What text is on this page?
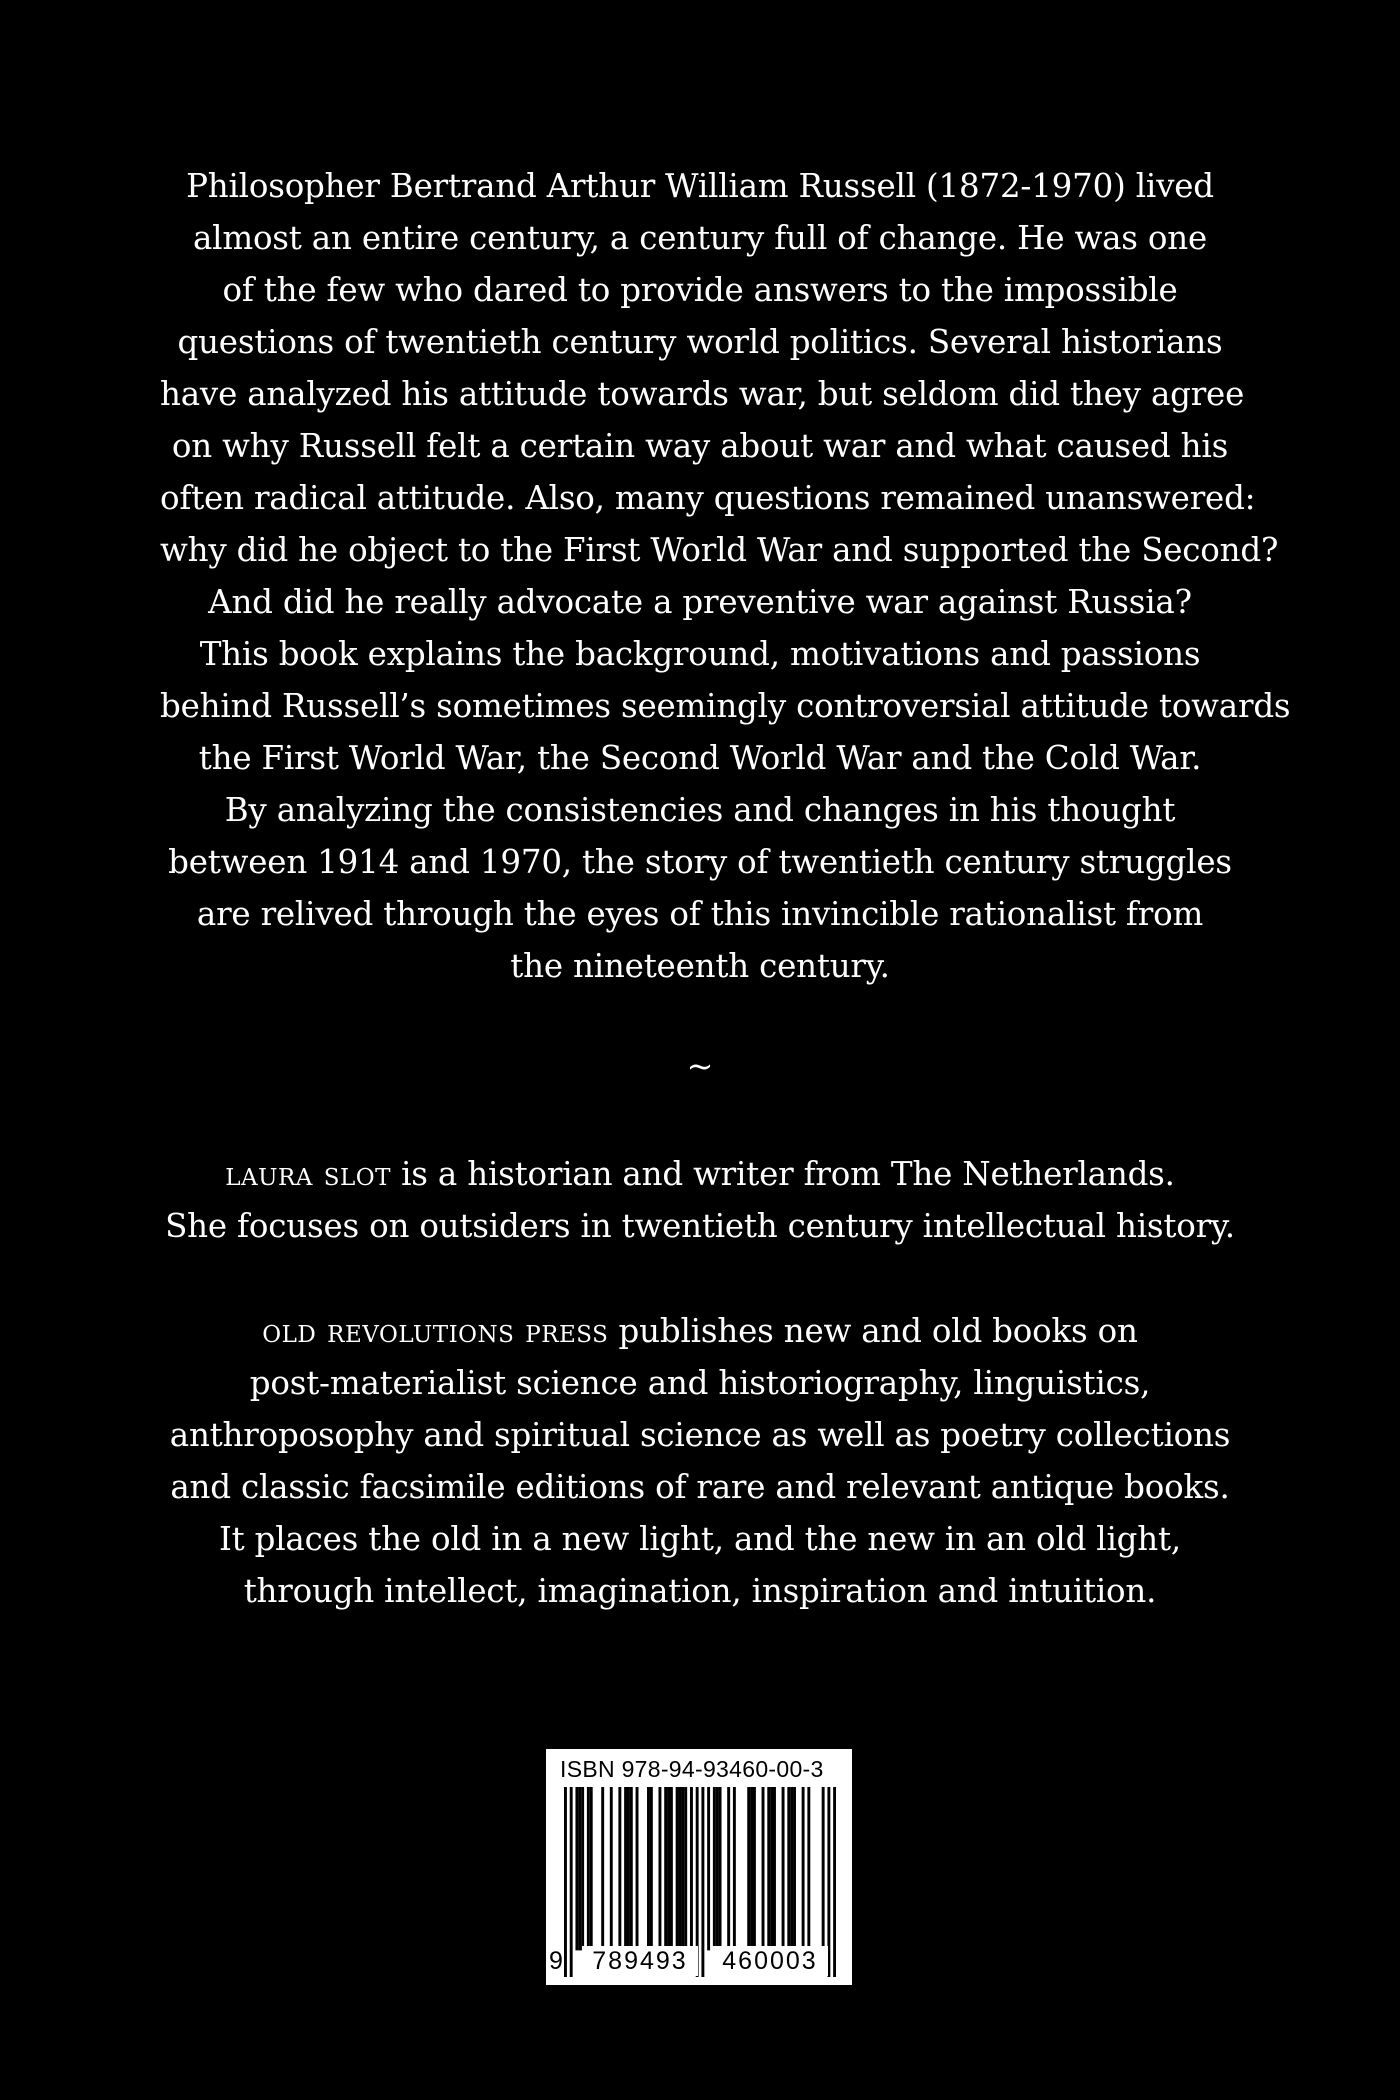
Philosopher Bertrand Arthur William Russell (1872-1970) lived
almost an entire century, a century full of change. He was one
of the few who dared to provide answers to the impossible
questions of twentieth century world politics. Several historians
have analyzed his attitude towards war, but seldom did they agree
on why Russell felt a certain way about war and what caused his
often radical attitude. Also, many questions remained unanswered:
why did he object to the First World War and supported the Second?
And did he really advocate a preventive war against Russia?
This book explains the background, motivations and passions
behind Russell’s sometimes seemingly controversial attitude towards
the First World War, the Second World War and the Cold War.
By analyzing the consistencies and changes in his thought
between 1914 and 1970, the story of twentieth century struggles
are relived through the eyes of this invincible rationalist from
the nineteenth century.
~
laura slot is a historian and writer from The Netherlands.
She focuses on outsiders in twentieth century intellectual history.
old revolutions press publishes new and old books on
post-materialist science and historiography, linguistics,
anthroposophy and spiritual science as well as poetry collections
and classic facsimile editions of rare and relevant antique books.
It places the old in a new light, and the new in an old light,
through intellect, imagination, inspiration and intuition.
ISBN 978-94-93460-00-3
9	789493	460003
